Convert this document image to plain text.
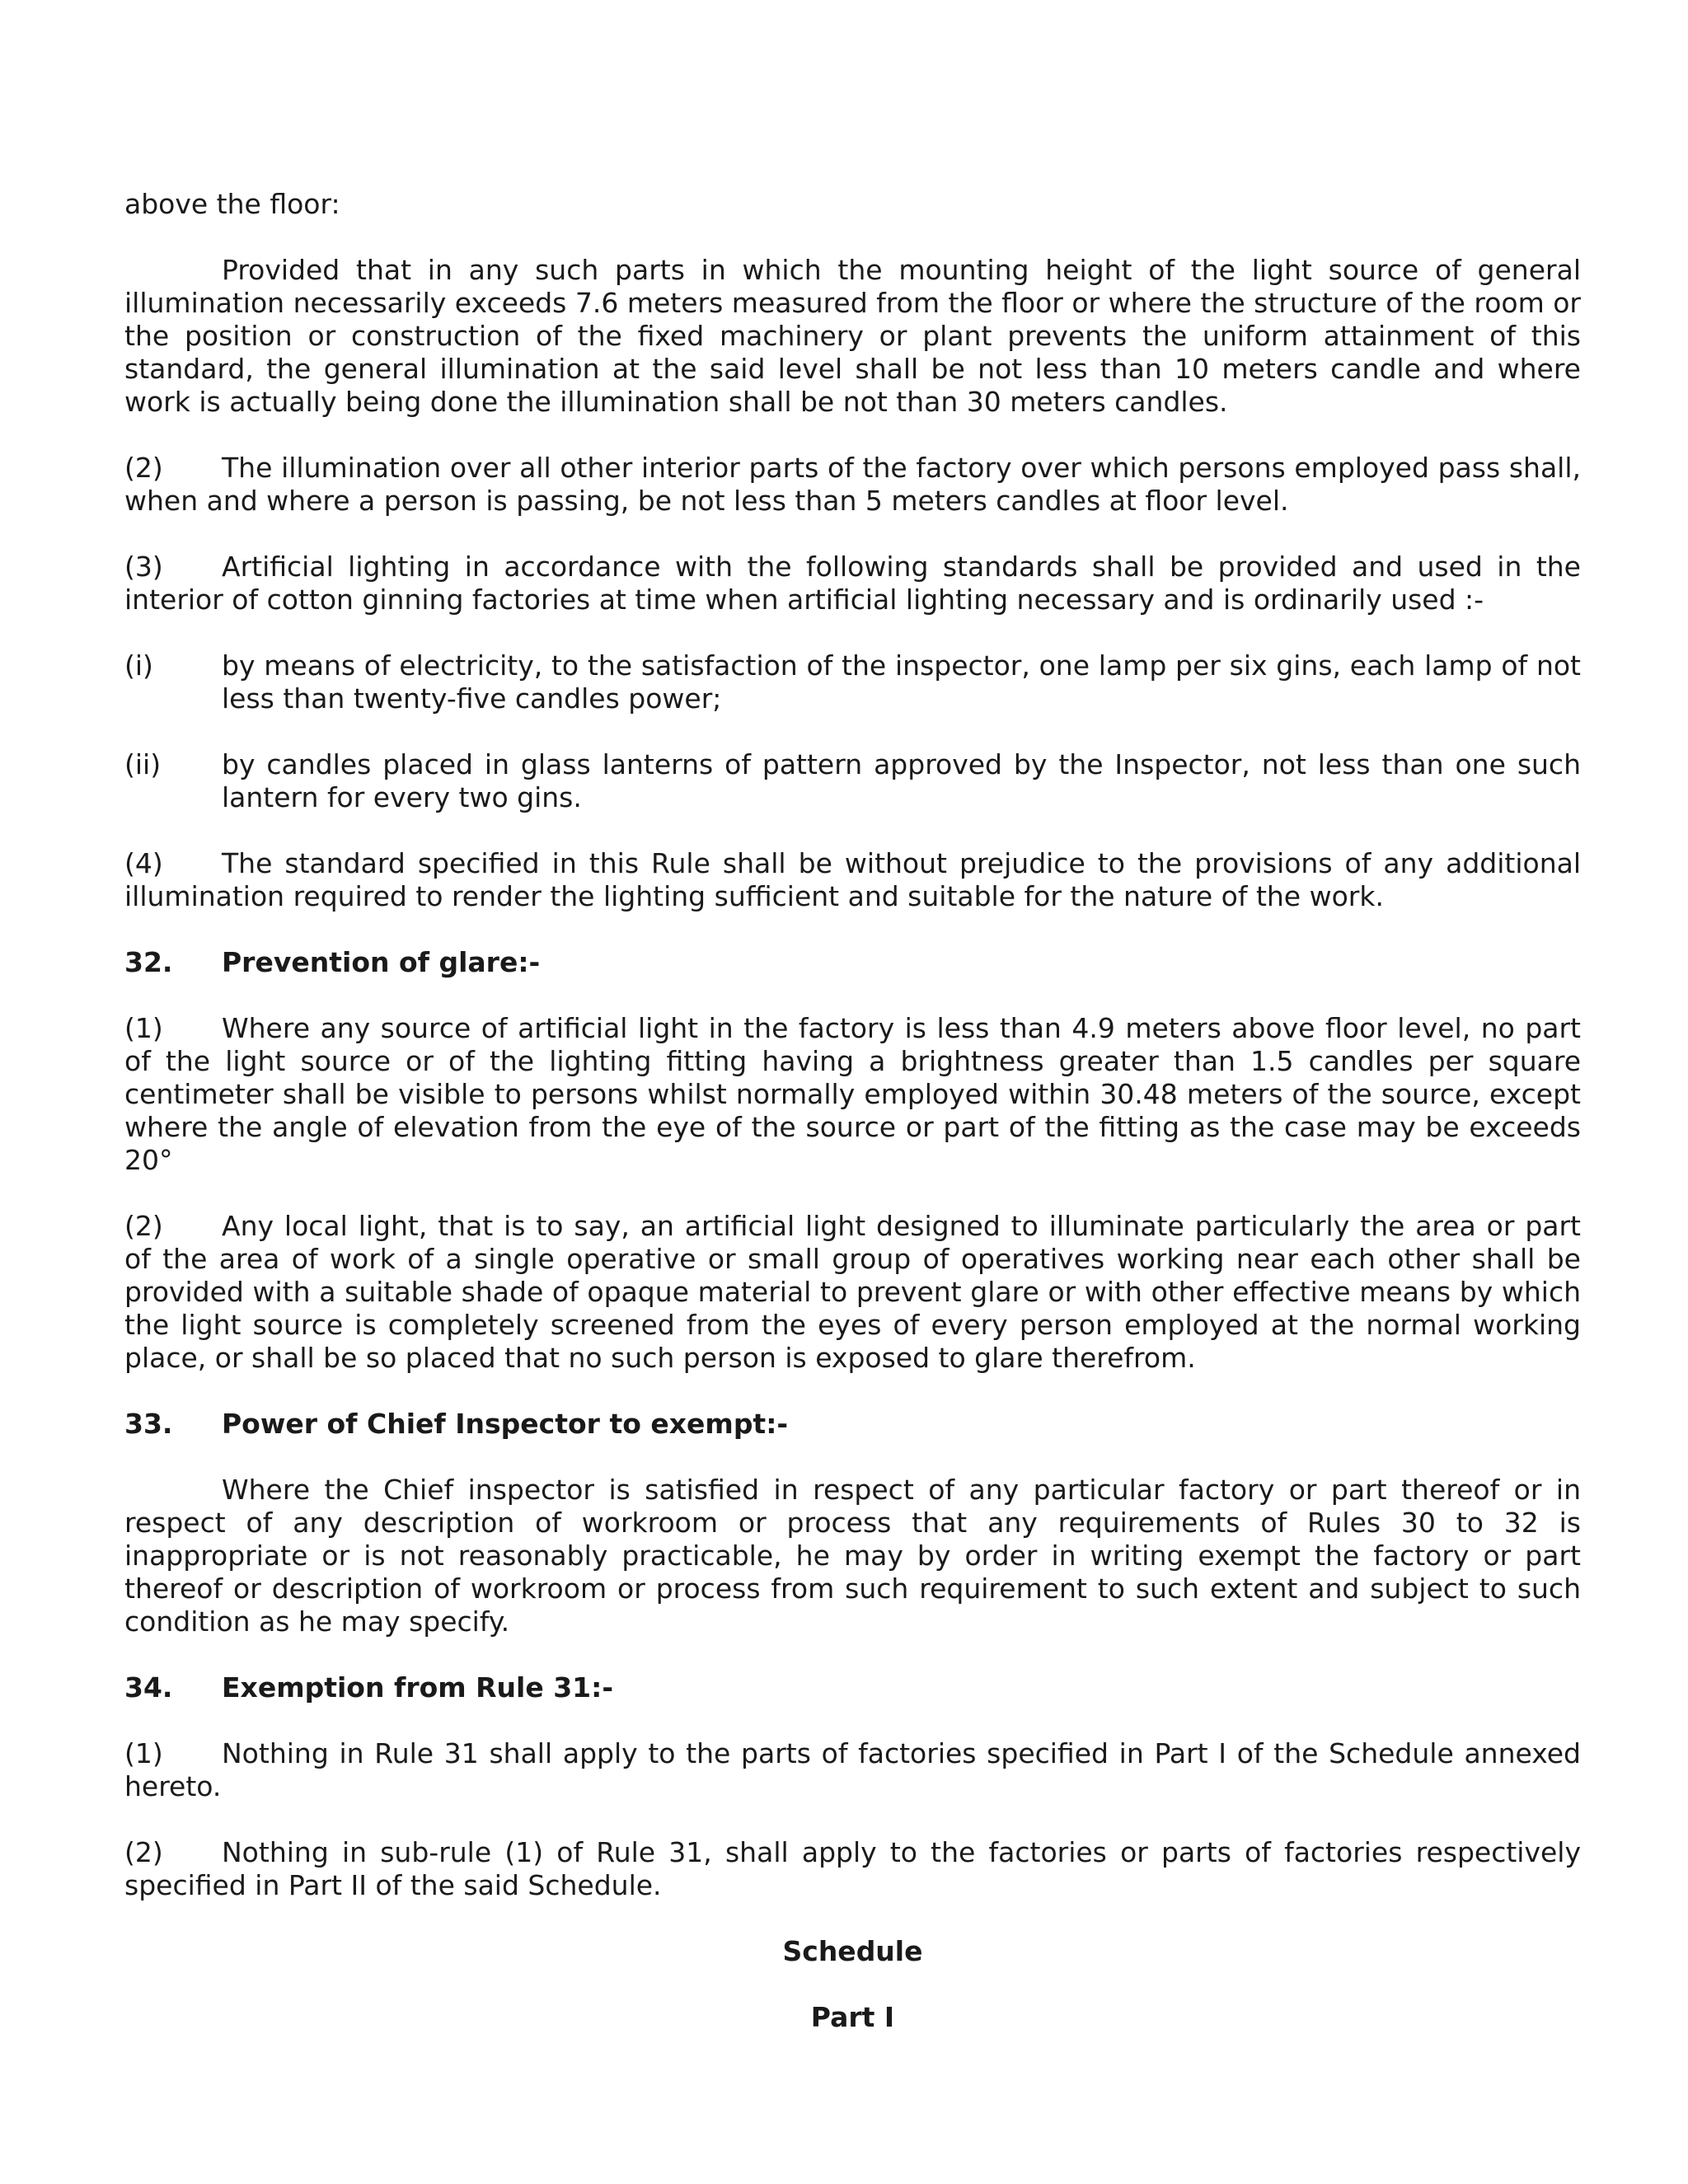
above the floor:

Provided that in any such parts in which the mounting height of the light source of general illumination necessarily exceeds 7.6 meters measured from the floor or where the structure of the room or the position or construction of the fixed machinery or plant prevents the uniform attainment of this standard, the general illumination at the said level shall be not less than 10 meters candle and where work is actually being done the illumination shall be not than 30 meters candles.

(2) The illumination over all other interior parts of the factory over which persons employed pass shall, when and where a person is passing, be not less than 5 meters candles at floor level.

(3) Artificial lighting in accordance with the following standards shall be provided and used in the interior of cotton ginning factories at time when artificial lighting necessary and is ordinarily used :-

(i)	by means of electricity, to the satisfaction of the inspector, one lamp per six gins, each lamp of not less than twenty-five candles power;
(ii)	by candles placed in glass lanterns of pattern approved by the Inspector, not less than one such lantern for every two gins.

(4) The standard specified in this Rule shall be without prejudice to the provisions of any additional illumination required to render the lighting sufficient and suitable for the nature of the work.

32.	Prevention of glare:-

(1) Where any source of artificial light in the factory is less than 4.9 meters above floor level, no part of the light source or of the lighting fitting having a brightness greater than 1.5 candles per square centimeter shall be visible to persons whilst normally employed within 30.48 meters of the source, except where the angle of elevation from the eye of the source or part of the fitting as the case may be exceeds 20°

(2) Any local light, that is to say, an artificial light designed to illuminate particularly the area or part of the area of work of a single operative or small group of operatives working near each other shall be provided with a suitable shade of opaque material to prevent glare or with other effective means by which the light source is completely screened from the eyes of every person employed at the normal working place, or shall be so placed that no such person is exposed to glare therefrom.

33.	Power of Chief Inspector to exempt:-

Where the Chief inspector is satisfied in respect of any particular factory or part thereof or in respect of any description of workroom or process that any requirements of Rules 30 to 32 is inappropriate or is not reasonably practicable, he may by order in writing exempt the factory or part thereof or description of workroom or process from such requirement to such extent and subject to such condition as he may specify.

34.	Exemption from Rule 31:-

(1) Nothing in Rule 31 shall apply to the parts of factories specified in Part I of the Schedule annexed hereto.

(2) Nothing in sub-rule (1) of Rule 31, shall apply to the factories or parts of factories respectively specified in Part II of the said Schedule.

Schedule
Part I
